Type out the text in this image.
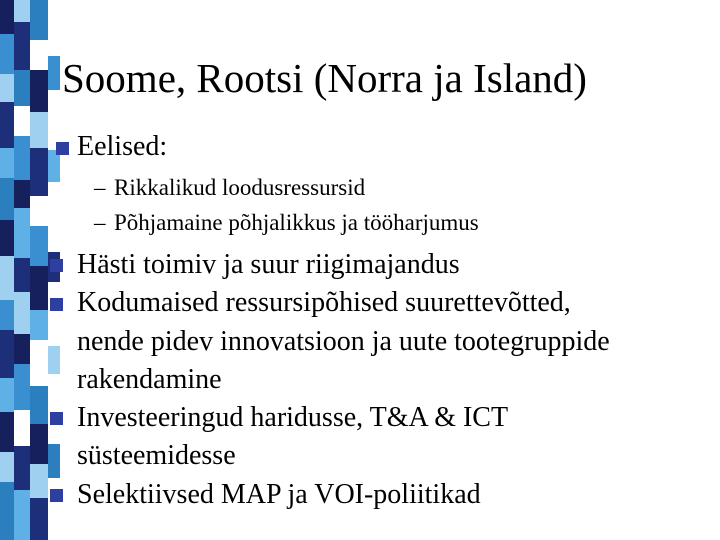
Soome, Rootsi (Norra ja Island)
Eelised:
– Rikkalikud loodusressursid
– Põhjamaine põhjalikkus ja tööharjumus
Hästi toimiv ja suur riigimajandus
Kodumaised ressursipõhised suurettevõtted,
nende pidev innovatsioon ja uute tootegruppide
rakendamine
Investeeringud haridusse, T&A & ICT
süsteemidesse
Selektiivsed MAP ja VOI-poliitikad
